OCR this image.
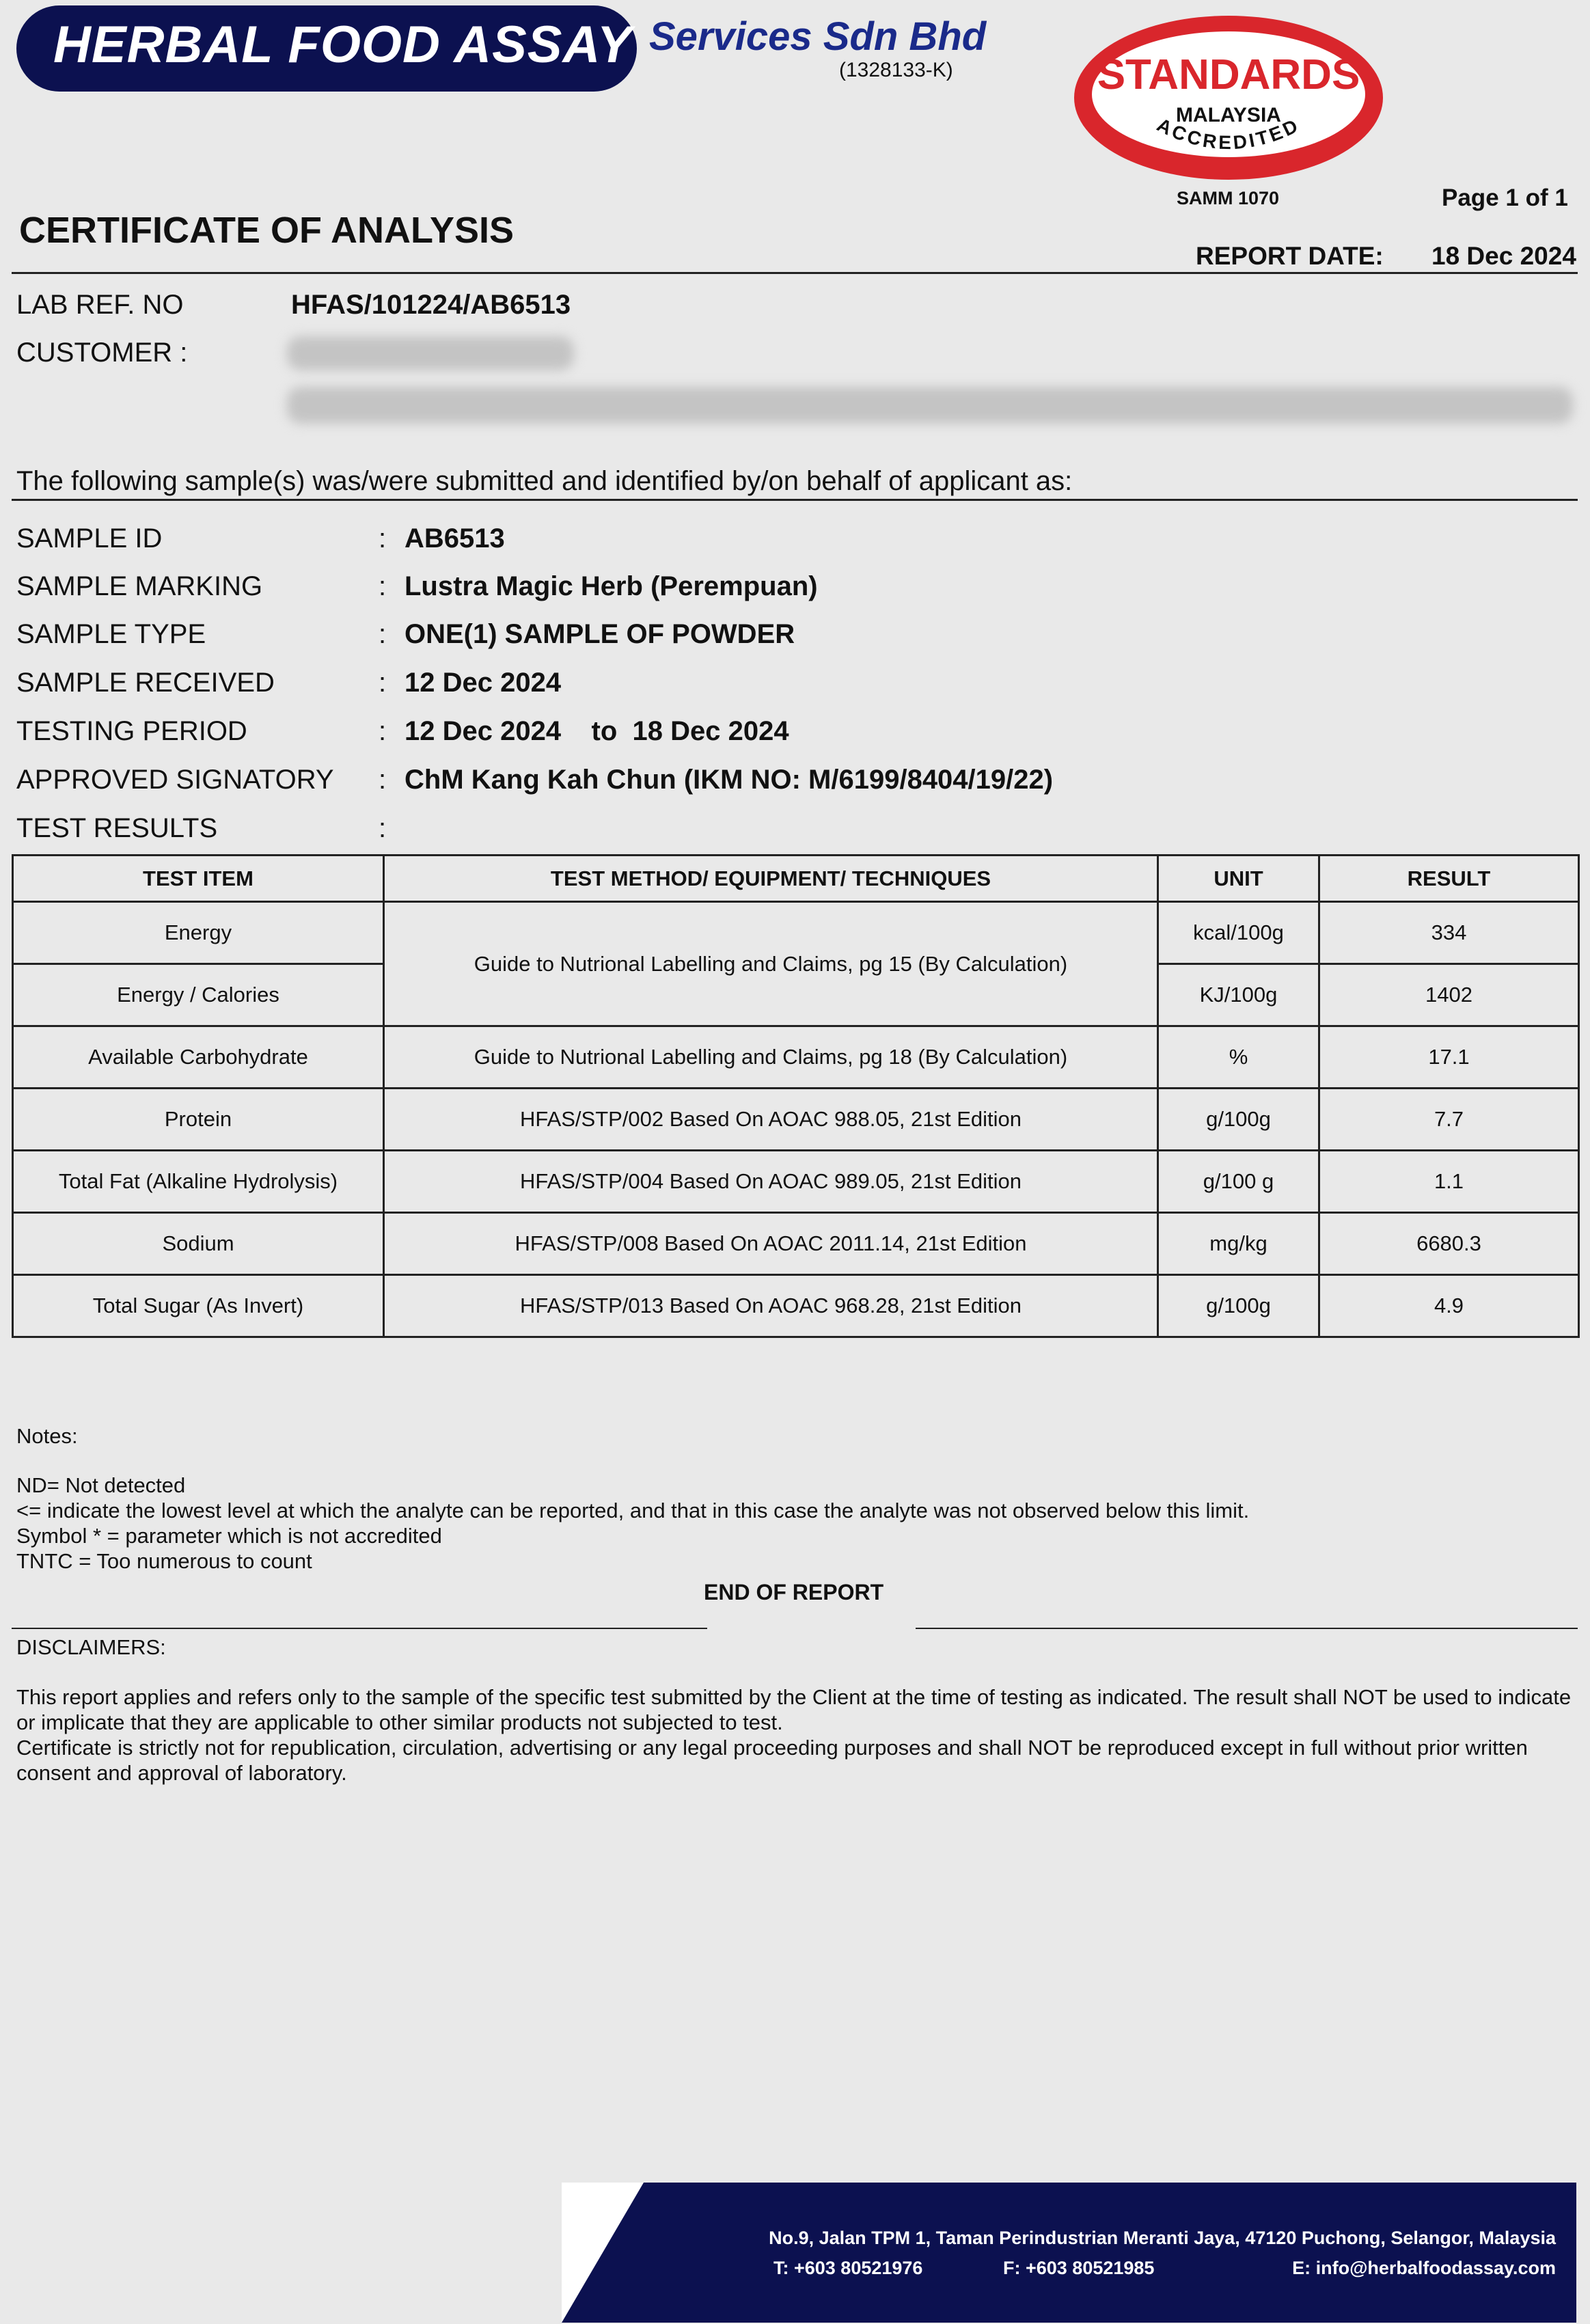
HERBAL FOOD ASSAY Services Sdn Bhd
(1328133-K)	STANDARDS
MALAYSIA
ACCREDITED
SAMM 1070	Page 1 of 1
CERTIFICATE OF ANALYSIS
REPORT DATE: 18 Dec 2024
LAB REF. NO	HFAS/101224/AB6513
CUSTOMER :
The following sample(s) was/were submitted and identified by/on behalf of applicant as:
SAMPLE ID	: AB6513
SAMPLE MARKING	: Lustra Magic Herb (Perempuan)
SAMPLE TYPE	: ONE(1) SAMPLE OF POWDER
SAMPLE RECEIVED	: 12 Dec 2024
TESTING PERIOD	: 12 Dec 2024    to  18 Dec 2024
APPROVED SIGNATORY : ChM Kang Kah Chun (IKM NO: M/6199/8404/19/22)
TEST RESULTS	:
TEST ITEM	TEST METHOD/ EQUIPMENT/ TECHNIQUES	UNIT	RESULT
Energy	Guide to Nutrional Labelling and Claims, pg 15 (By Calculation)	kcal/100g	334
Energy / Calories		KJ/100g	1402
Available Carbohydrate	Guide to Nutrional Labelling and Claims, pg 18 (By Calculation)	%	17.1
Protein	HFAS/STP/002 Based On AOAC 988.05, 21st Edition	g/100g	7.7
Total Fat (Alkaline Hydrolysis)	HFAS/STP/004 Based On AOAC 989.05, 21st Edition	g/100 g	1.1
Sodium	HFAS/STP/008 Based On AOAC 2011.14, 21st Edition	mg/kg	6680.3
Total Sugar (As Invert)	HFAS/STP/013 Based On AOAC 968.28, 21st Edition	g/100g	4.9
Notes:
ND= Not detected
<= indicate the lowest level at which the analyte can be reported, and that in this case the analyte was not observed below this limit.
Symbol * = parameter which is not accredited
TNTC = Too numerous to count
END OF REPORT
DISCLAIMERS:
This report applies and refers only to the sample of the specific test submitted by the Client at the time of testing as indicated. The result shall NOT be used to indicate or implicate that they are applicable to other similar products not subjected to test.
Certificate is strictly not for republication, circulation, advertising or any legal proceeding purposes and shall NOT be reproduced except in full without prior written consent and approval of laboratory.
No.9, Jalan TPM 1, Taman Perindustrian Meranti Jaya, 47120 Puchong, Selangor, Malaysia
T: +603 80521976	F: +603 80521985	E: info@herbalfoodassay.com
